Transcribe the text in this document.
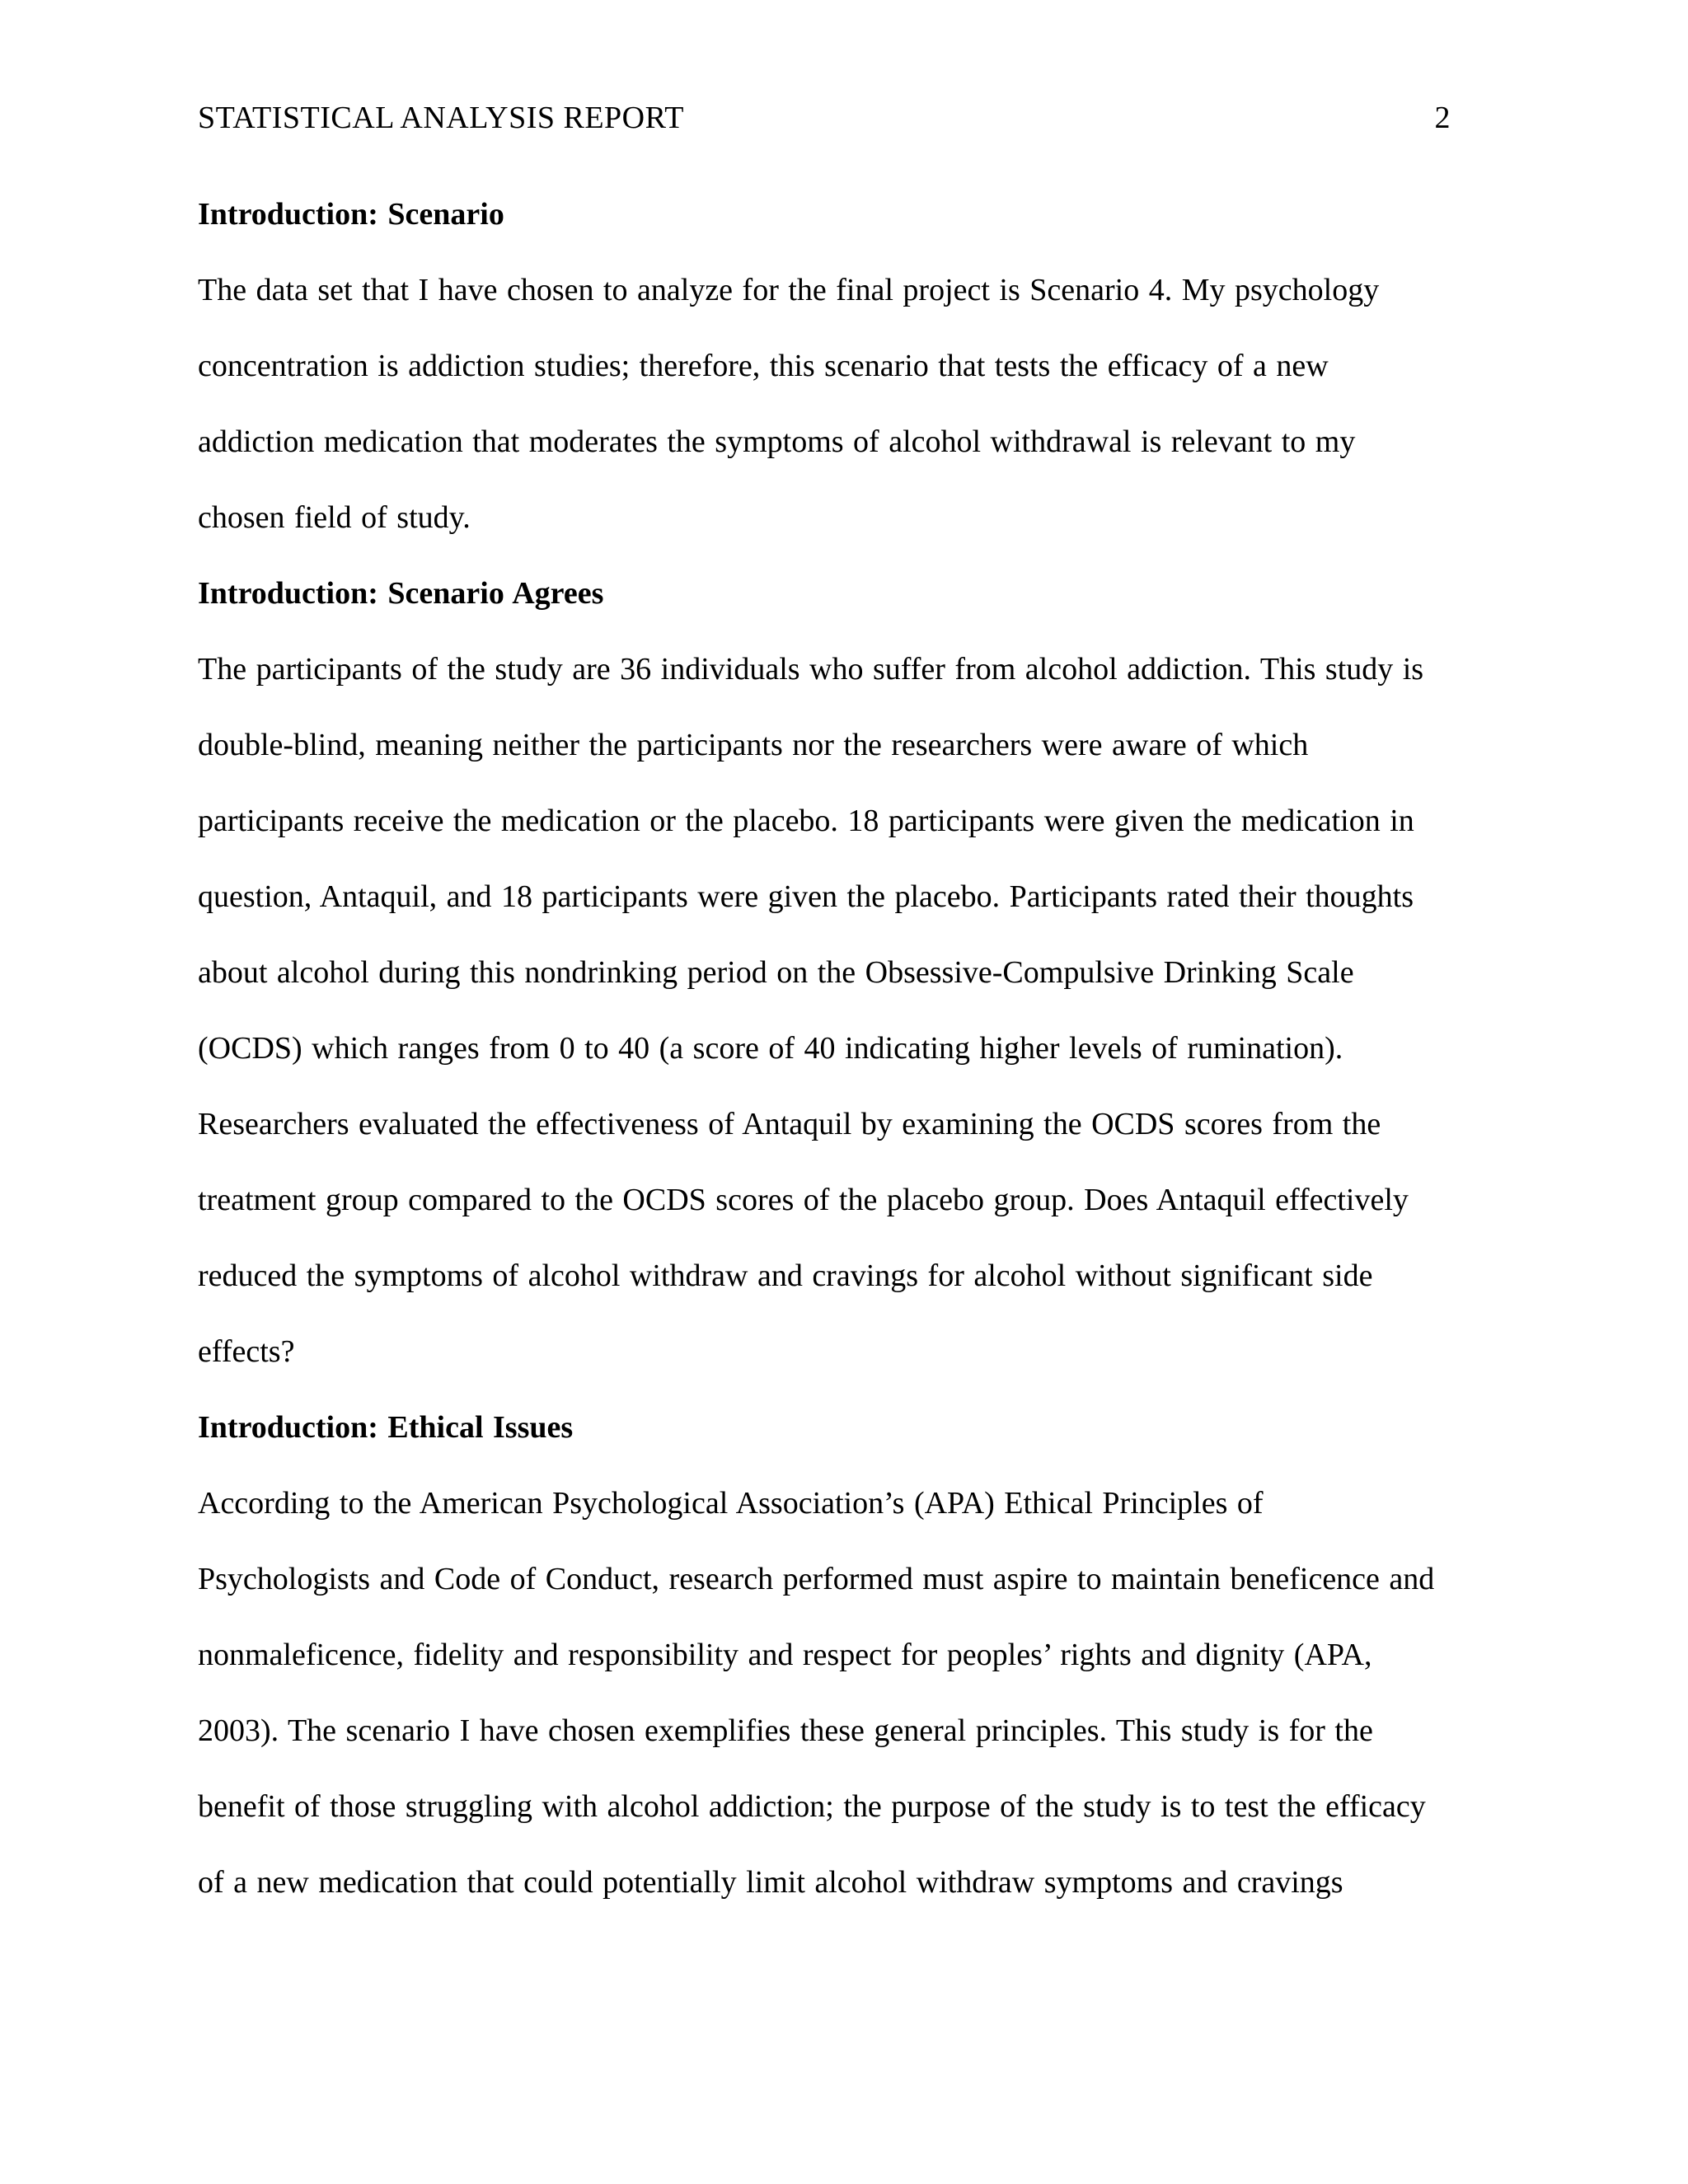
STATISTICAL ANALYSIS REPORT	2
Introduction: Scenario
The data set that I have chosen to analyze for the final project is Scenario 4. My psychology
concentration is addiction studies; therefore, this scenario that tests the efficacy of a new
addiction medication that moderates the symptoms of alcohol withdrawal is relevant to my
chosen field of study.
Introduction: Scenario Agrees
The participants of the study are 36 individuals who suffer from alcohol addiction. This study is
double-blind, meaning neither the participants nor the researchers were aware of which
participants receive the medication or the placebo. 18 participants were given the medication in
question, Antaquil, and 18 participants were given the placebo. Participants rated their thoughts
about alcohol during this nondrinking period on the Obsessive-Compulsive Drinking Scale
(OCDS) which ranges from 0 to 40 (a score of 40 indicating higher levels of rumination).
Researchers evaluated the effectiveness of Antaquil by examining the OCDS scores from the
treatment group compared to the OCDS scores of the placebo group. Does Antaquil effectively
reduced the symptoms of alcohol withdraw and cravings for alcohol without significant side
effects?
Introduction: Ethical Issues
According to the American Psychological Association’s (APA) Ethical Principles of
Psychologists and Code of Conduct, research performed must aspire to maintain beneficence and
nonmaleficence, fidelity and responsibility and respect for peoples’ rights and dignity (APA,
2003). The scenario I have chosen exemplifies these general principles. This study is for the
benefit of those struggling with alcohol addiction; the purpose of the study is to test the efficacy
of a new medication that could potentially limit alcohol withdraw symptoms and cravings
